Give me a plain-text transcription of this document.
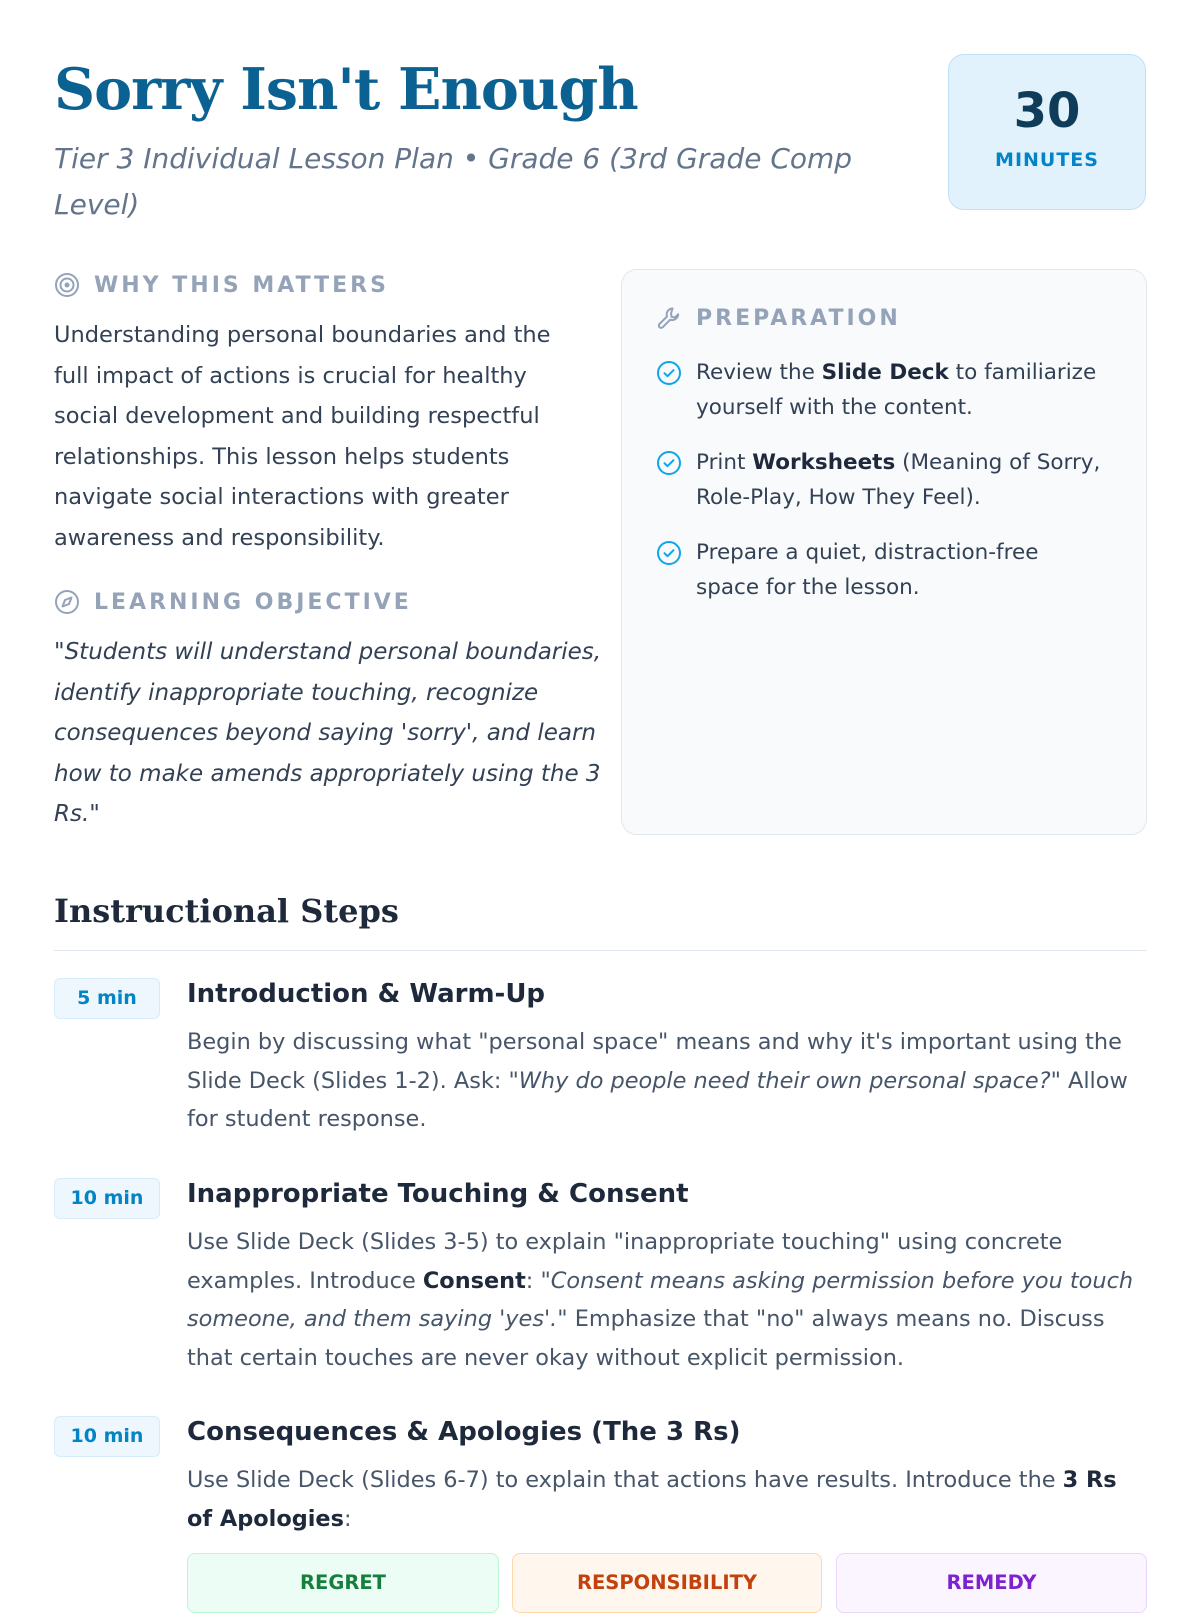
Sorry Isn't Enough

Tier 3 Individual Lesson Plan • Grade 6 (3rd Grade Comp Level)

30
MINUTES
WHY THIS MATTERS

Understanding personal boundaries and the full impact of actions is crucial for healthy social development and building respectful relationships. This lesson helps students navigate social interactions with greater awareness and responsibility.

LEARNING OBJECTIVE

"Students will understand personal boundaries, identify inappropriate touching, recognize consequences beyond saying 'sorry', and learn how to make amends appropriately using the 3 Rs."

PREPARATION
Review the Slide Deck to familiarize yourself with the content.
Print Worksheets (Meaning of Sorry, Role-Play, How They Feel).
Prepare a quiet, distraction-free space for the lesson.
Instructional Steps
5 min	Introduction & Warm-Up

Begin by discussing what "personal space" means and why it's important using the Slide Deck (Slides 1-2). Ask: "Why do people need their own personal space?" Allow for student response.

10 min	Inappropriate Touching & Consent

Use Slide Deck (Slides 3-5) to explain "inappropriate touching" using concrete examples. Introduce Consent: "Consent means asking permission before you touch someone, and them saying 'yes'." Emphasize that "no" always means no. Discuss that certain touches are never okay without explicit permission.

10 min	Consequences & Apologies (The 3 Rs)

Use Slide Deck (Slides 6-7) to explain that actions have results. Introduce the 3 Rs of Apologies:

REGRET	RESPONSIBILITY	REMEDY
